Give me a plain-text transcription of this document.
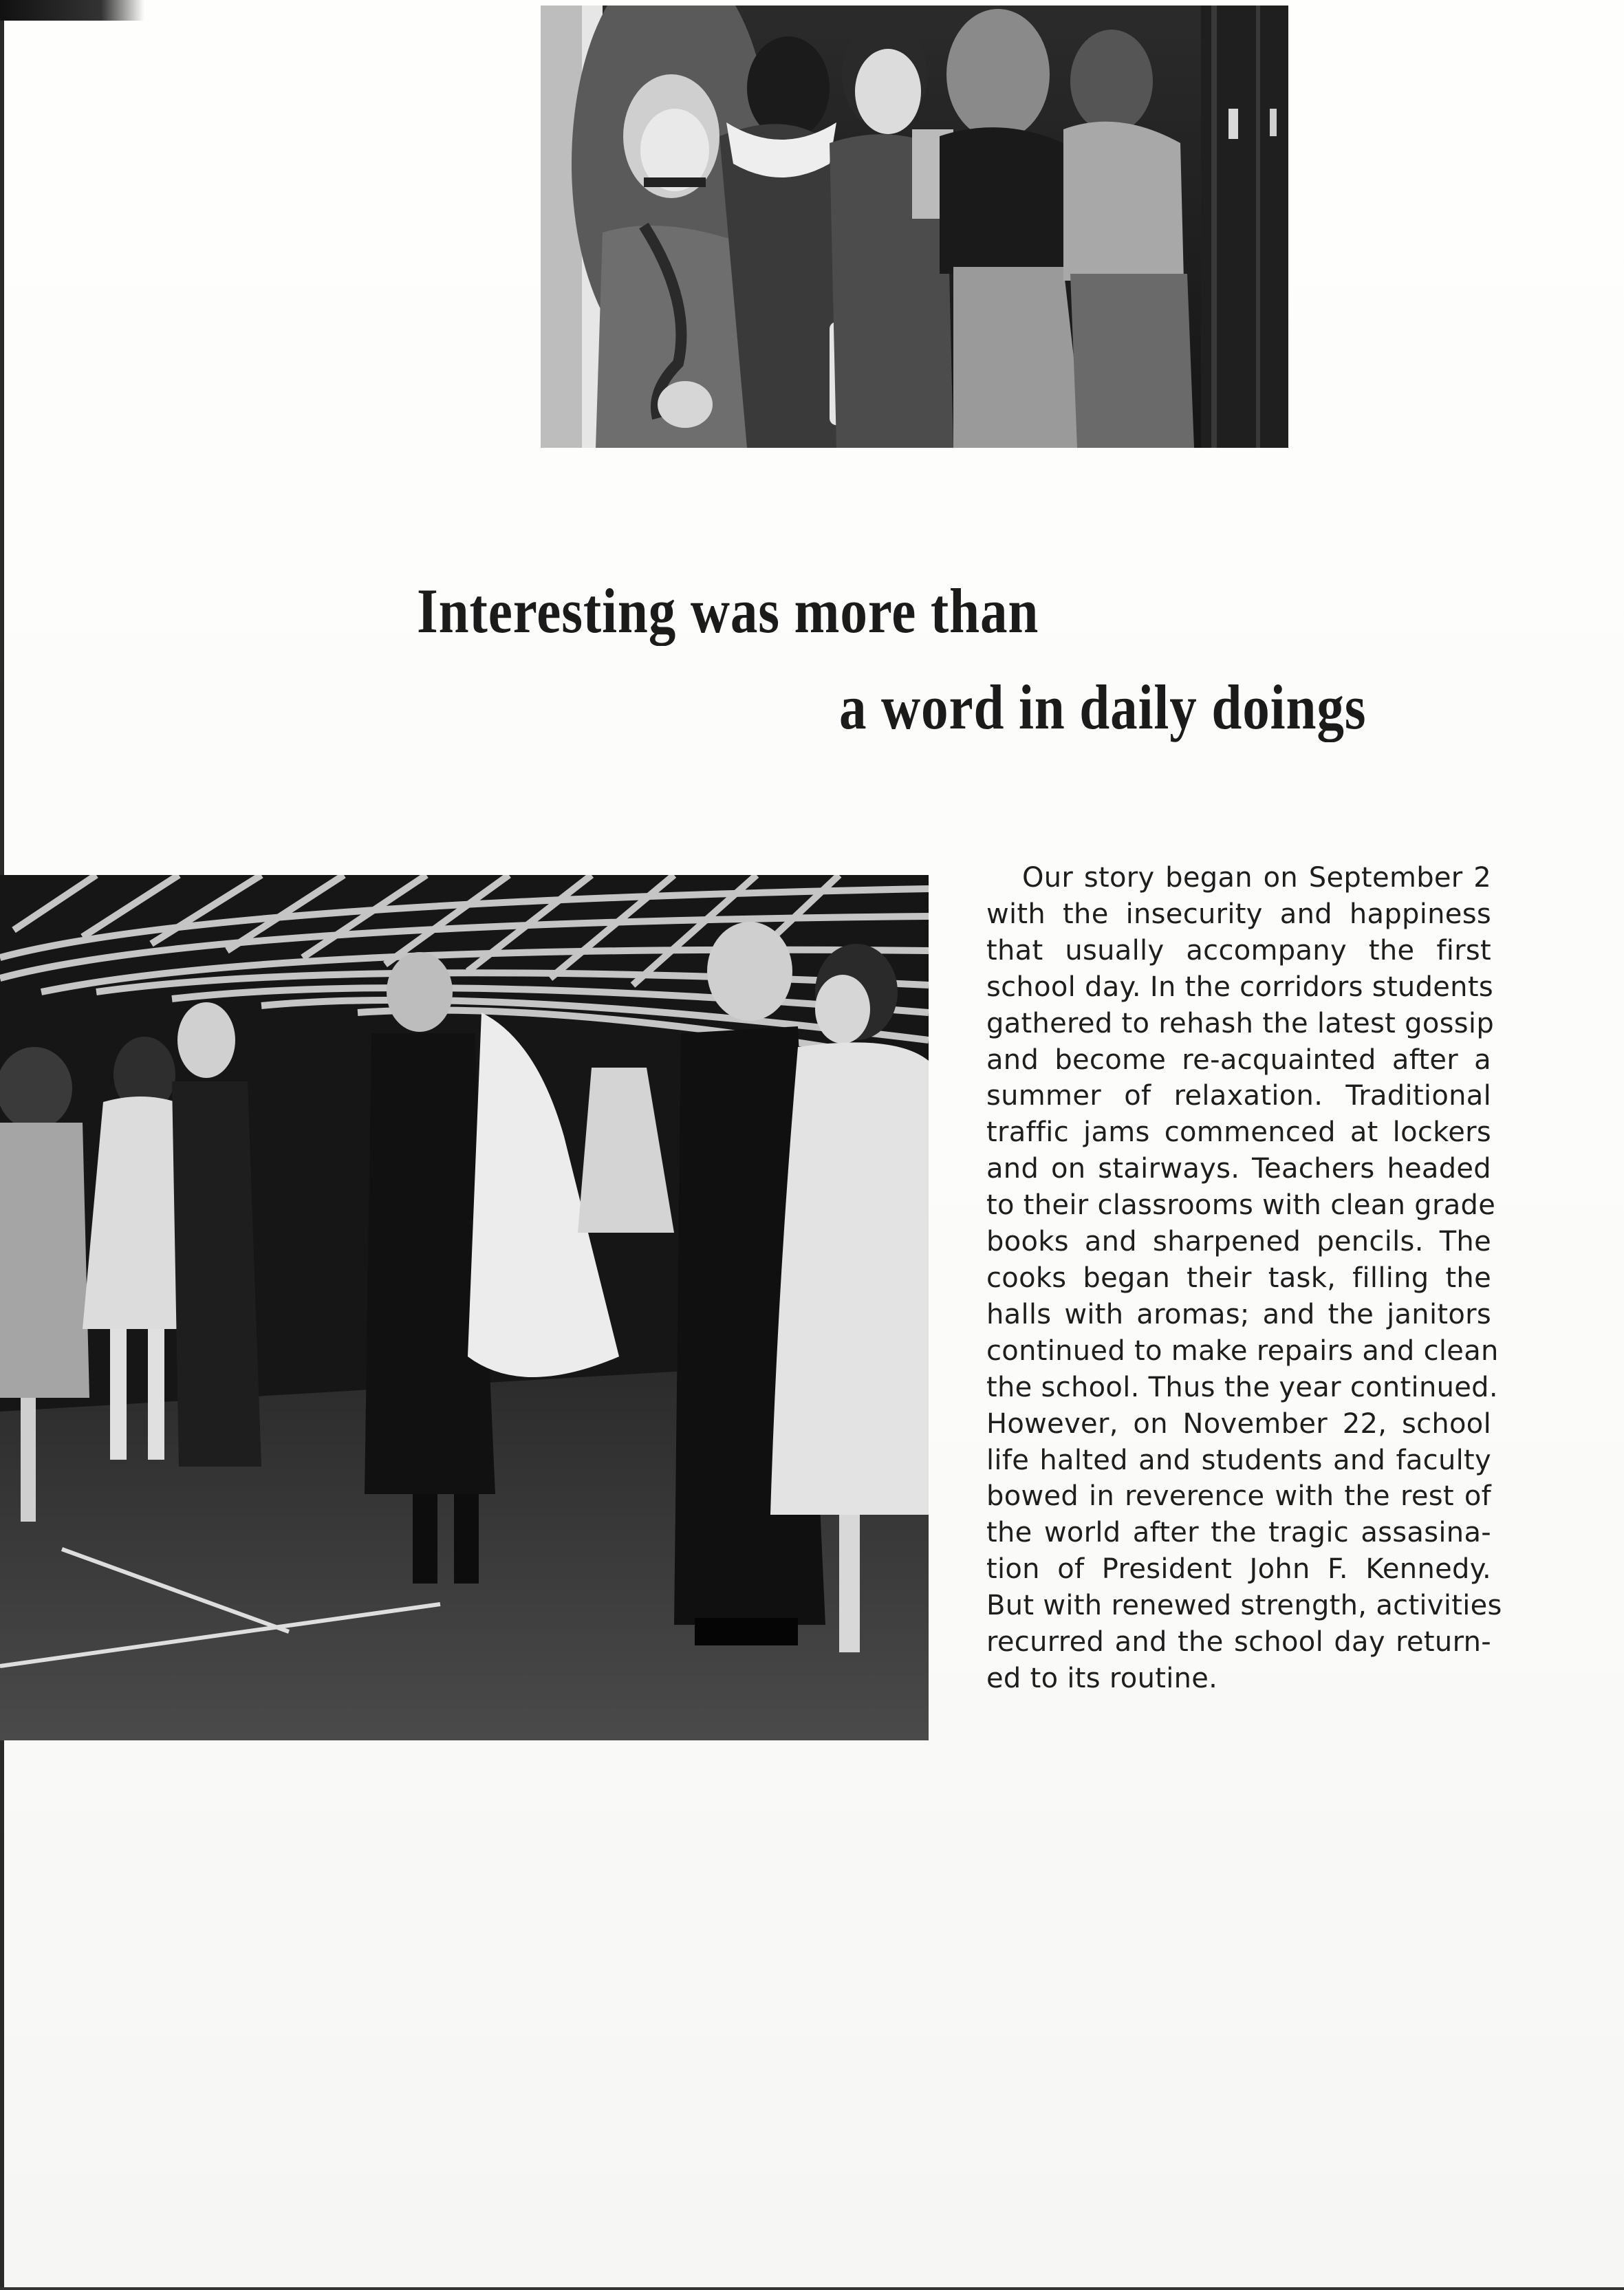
Interesting was more than
a word in daily doings
Our story began on September 2
with the insecurity and happiness
that usually accompany the first
school day. In the corridors students
gathered to rehash the latest gossip
and become re-acquainted after a
summer of relaxation. Traditional
traffic jams commenced at lockers
and on stairways. Teachers headed
to their classrooms with clean grade
books and sharpened pencils. The
cooks began their task, filling the
halls with aromas; and the janitors
continued to make repairs and clean
the school. Thus the year continued.
However, on November 22, school
life halted and students and faculty
bowed in reverence with the rest of
the world after the tragic assasina-
tion of President John F. Kennedy.
But with renewed strength, activities
recurred and the school day return-
ed to its routine.
